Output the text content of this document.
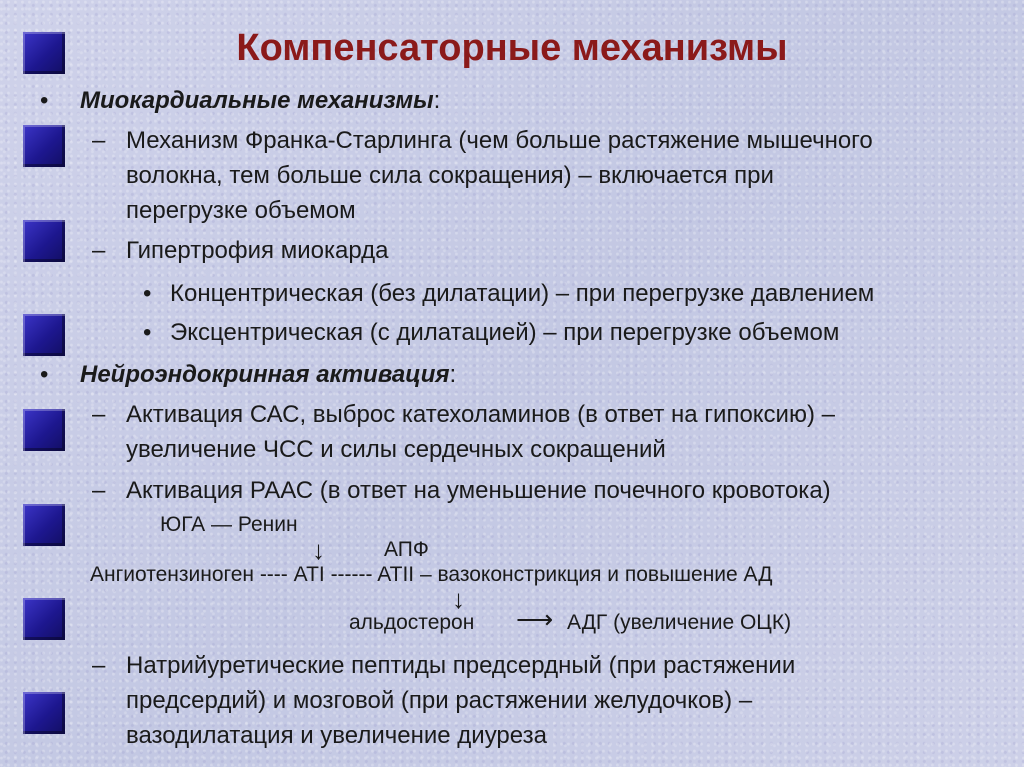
Компенсаторные механизмы
• Миокардиальные механизмы:
– Механизм Франка-Старлинга (чем больше растяжение мышечного
волокна, тем больше сила сокращения) – включается при
перегрузке объемом
– Гипертрофия миокарда
• Концентрическая (без дилатации) – при перегрузке давлением
• Эксцентрическая (с дилатацией) – при перегрузке объемом
• Нейроэндокринная активация:
– Активация САС, выброс катехоламинов (в ответ на гипоксию) –
увеличение ЧСС и силы сердечных сокращений
– Активация РААС (в ответ на уменьшение почечного кровотока)
ЮГА — Ренин
↓	АПФ
Ангиотензиноген ---- ATI ------ ATII – вазоконстрикция и повышение АД
↓
альдостерон ⟶ АДГ (увеличение ОЦК)
– Натрийуретические пептиды предсердный (при растяжении
предсердий) и мозговой (при растяжении желудочков) –
вазодилатация и увеличение диуреза
